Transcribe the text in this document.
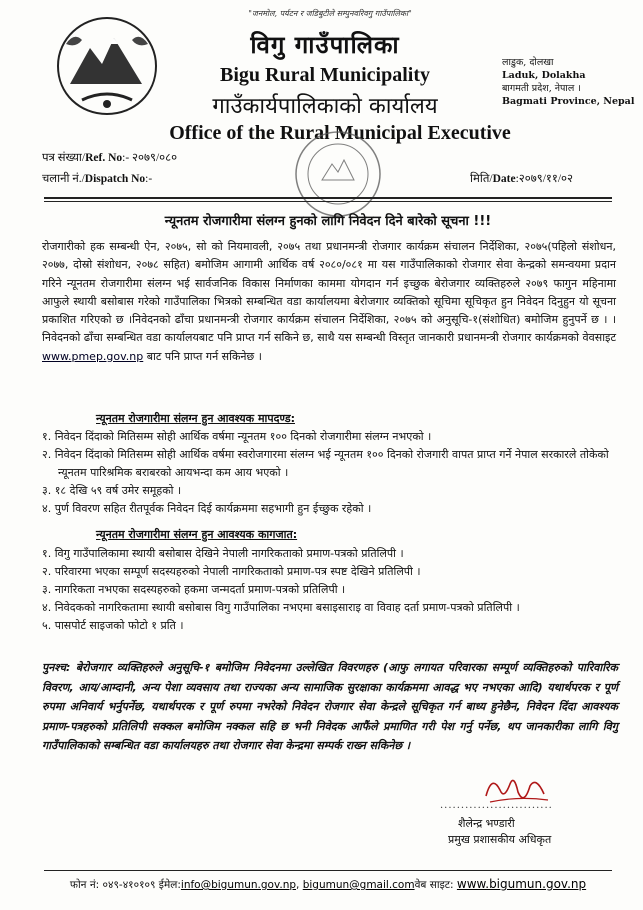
"जनमोल, पर्यटन र जडिबुटीले सम्पुनवरिवगु गाउँपालिका"
विगु गाउँपालिका
Bigu Rural Municipality
गाउँकार्यपालिकाको कार्यालय
लाडुक, दोलखा
Laduk, Dolakha
बागमती प्रदेश, नेपाल ।
Bagmati Province, Nepal
Office of the Rural Municipal Executive
पत्र संख्या/Ref. No:- २०७९/०८०
चलानी नं./Dispatch No:-	मिति/Date:२०७९/११/०२
न्यूनतम रोजगारीमा संलग्न हुनको लागि निवेदन दिने बारेको सूचना !!!
रोजगारीको हक सम्बन्धी ऐन, २०७५, सो को नियमावली, २०७५ तथा प्रधानमन्त्री रोजगार कार्यक्रम संचालन निर्देशिका, २०७५(पहिलो संशोधन, २०७७, दोस्रो संशोधन, २०७८ सहित) बमोजिम आगामी आर्थिक वर्ष २०८०/०८१ मा यस गाउँपालिकाको रोजगार सेवा केन्द्रको समन्वयमा प्रदान गरिने न्यूनतम रोजगारीमा संलग्न भई सार्वजनिक विकास निर्माणका काममा योगदान गर्न इच्छुक बेरोजगार व्यक्तिहरुले २०७९ फागुन महिनामा आफुले स्थायी बसोबास गरेको गाउँपालिका भित्रको सम्बन्धित वडा कार्यालयमा बेरोजगार व्यक्तिको सूचिमा सूचिकृत हुन निवेदन दिनुहुन यो सूचना प्रकाशित गरिएको छ ।निवेदनको ढाँचा प्रधानमन्त्री रोजगार कार्यक्रम संचालन निर्देशिका, २०७५ को अनुसूचि-१(संशोधित) बमोजिम हुनुपर्ने छ । । निवेदनको ढाँचा सम्बन्धित वडा कार्यालयबाट पनि प्राप्त गर्न सकिने छ, साथै यस सम्बन्धी विस्तृत जानकारी प्रधानमन्त्री रोजगार कार्यक्रमको वेवसाइट www.pmep.gov.np बाट पनि प्राप्त गर्न सकिनेछ ।
न्यूनतम रोजगारीमा संलग्न हुन आवश्यक मापदण्ड:
१. निवेदन दिंदाको मितिसम्म सोही आर्थिक वर्षमा न्यूनतम १०० दिनको रोजगारीमा संलग्न नभएको ।
२. निवेदन दिंदाको मितिसम्म सोही आर्थिक वर्षमा स्वरोजगारमा संलग्न भई न्यूनतम १०० दिनको रोजगारी वापत प्राप्त गर्ने नेपाल सरकारले तोकेको न्यूनतम पारिश्रमिक बराबरको आयभन्दा कम आय भएको ।
३. १८ देखि ५९ वर्ष उमेर समूहको ।
४. पुर्ण विवरण सहित रीतपूर्वक निवेदन दिई कार्यक्रममा सहभागी हुन ईच्छुक रहेको ।
न्यूनतम रोजगारीमा संलग्न हुन आवश्यक कागजात:
१. विगु गाउँपालिकामा स्थायी बसोबास देखिने नेपाली नागरिकताको प्रमाण-पत्रको प्रतिलिपी ।
२. परिवारमा भएका सम्पूर्ण सदस्यहरुको नेपाली नागरिकताको प्रमाण-पत्र स्पष्ट देखिने प्रतिलिपी ।
३. नागरिकता नभएका सदस्यहरुको हकमा जन्मदर्ता प्रमाण-पत्रको प्रतिलिपी ।
४. निवेदकको नागरिकतामा स्थायी बसोबास विगु गाउँपालिका नभएमा बसाइसाराइ वा विवाह दर्ता प्रमाण-पत्रको प्रतिलिपी ।
५. पासपोर्ट साइजको फोटो १ प्रति ।
पुनश्च: बेरोजगार व्यक्तिहरुले अनुसूचि-१ बमोजिम निवेदनमा उल्लेखित विवरणहरु (आफु लगायत परिवारका सम्पूर्ण व्यक्तिहरुको पारिवारिक विवरण, आय/आम्दानी, अन्य पेशा व्यवसाय तथा राज्यका अन्य सामाजिक सुरक्षाका कार्यक्रममा आवद्ध भए नभएका आदि) यथार्थपरक र पूर्ण रुपमा अनिवार्य भर्नुपर्नेछ, यथार्थपरक र पूर्ण रुपमा नभरेको निवेदन रोजगार सेवा केन्द्रले सूचिकृत गर्न बाध्य हुनेछैन, निवेदन दिंदा आवश्यक प्रमाण-पत्रहरुको प्रतिलिपी सक्कल बमोजिम नक्कल सहि छ भनी निवेदक आफैंले प्रमाणित गरी पेश गर्नु पर्नेछ, थप जानकारीका लागि विगु गाउँपालिकाको सम्बन्धित वडा कार्यालयहरु तथा रोजगार सेवा केन्द्रमा सम्पर्क राख्न सकिनेछ ।
...........................
शैलेन्द्र भण्डारी
प्रमुख प्रशासकीय अधिकृत
फोन नं: ०४९-४१०१०९ ईमेल:info@bigumun.gov.np, bigumun@gmail.comवेब साइट: www.bigumun.gov.np
